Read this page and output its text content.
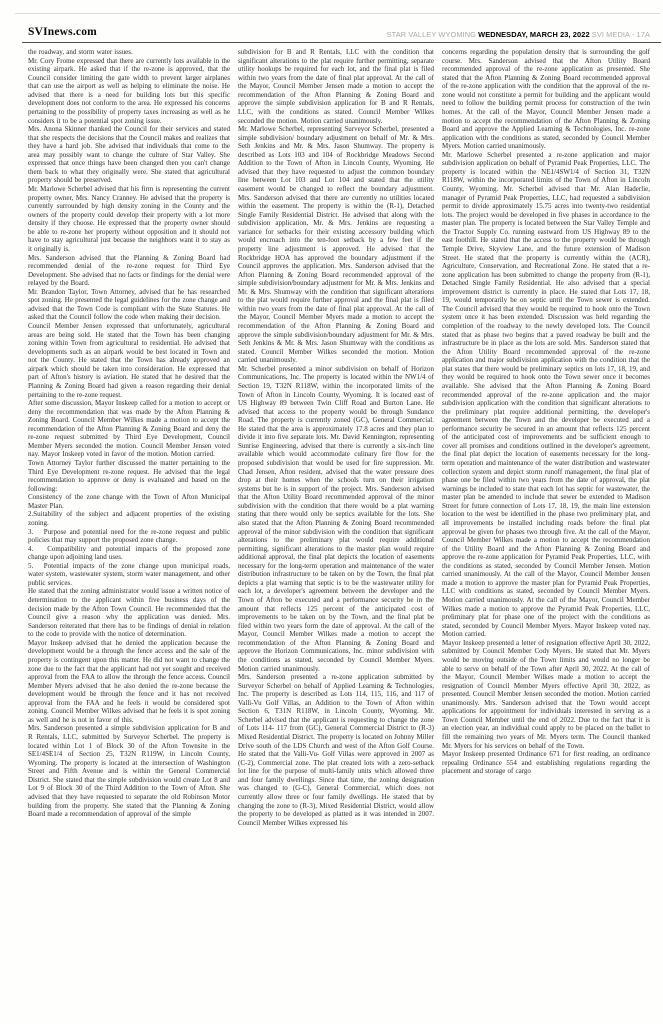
SVInews.com	STAR VALLEY WYOMING WEDNESDAY, MARCH 23, 2022 SVI MEDIA - 17A

the roadway, and storm water issues.

Mr. Cory Frome expressed that there are currently lots available in the existing airpark. He asked that if the re-zone is approved, that the Council consider limiting the gate width to prevent larger airplanes that can use the airport as well as helping to eliminate the noise. He advised that there is a need for building lots but this specific development does not conform to the area. He expressed his concerns pertaining to the possibility of property taxes increasing as well as he considers it to be a potential spot zoning issue.

Mrs. Anona Skinner thanked the Council for their services and stated that she respects the decisions that the Council makes and realizes that they have a hard job. She advised that individuals that come to the area may possibly want to change the culture of Star Valley. She expressed that once things have been changed then you can't change them back to what they originally were. She stated that agricultural property should be preserved.

Mr. Marlowe Scherbel advised that his firm is representing the current property owner, Mrs. Nancy Cranney. He advised that the property is currently surrounded by high density zoning in the County and the owners of the property could develop their property with a lot more density if they choose. He expressed that the property owner should be able to re-zone her property without opposition and it should not have to stay agricultural just because the neighbors want it to stay as it originally is.

Mrs. Sanderson advised that the Planning & Zoning Board had recommended denial of the re-zone request for Third Eye Development. She advised that no facts or findings for the denial were relayed by the Board.

Mr. Brandon Taylor, Town Attorney, advised that he has researched spot zoning. He presented the legal guidelines for the zone change and advised that the Town Code is compliant with the State Statutes. He asked that the Council follow the code when making their decision.

Council Member Jensen expressed that unfortunately, agricultural areas are being sold. He stated that the Town has been changing zoning within Town from agricultural to residential. He advised that developments such as an airpark would be best located in Town and not the County. He stated that the Town has already approved an airpark which should be taken into consideration. He expressed that part of Afton's history is aviation. He stated that he desired that the Planning & Zoning Board had given a reason regarding their denial pertaining to the re-zone request.

After some discussion, Mayor Inskeep called for a motion to accept or deny the recommendation that was made by the Afton Planning & Zoning Board. Council Member Wilkes made a motion to accept the recommendation of the Afton Planning & Zoning Board and deny the re-zone request submitted by Third Eye Development, Council Member Myers seconded the motion. Council Member Jensen voted nay. Mayor Inskeep voted in favor of the motion. Motion carried.

Town Attorney Taylor further discussed the matter pertaining to the Third Eye Development re-zone request. He advised that the legal recommendation to approve or deny is evaluated and based on the following:

Consistency of the zone change with the Town of Afton Municipal Master Plan.

2.Suitability of the subject and adjacent properties of the existing zoning.

3.  Purpose and potential need for the re-zone request and public policies that may support the proposed zone change.

4.  Compatibility and potential impacts of the proposed zone change upon adjoining land uses.

5.  Potential impacts of the zone change upon municipal roads, water system, wastewater system, storm water management, and other public services.

He stated that the zoning administrator would issue a written notice of determination to the applicant within five business days of the decision made by the Afton Town Council. He recommended that the Council give a reason why the application was denied. Mrs. Sanderson reiterated that there has to be findings of denial in relation to the code to provide with the notice of determination.

Mayor Inskeep advised that he denied the application because the development would be a through the fence access and the sale of the property is contingent upon this matter. He did not want to change the zone due to the fact that the applicant had not yet sought and received approval from the FAA to allow the through the fence access. Council Member Myers advised that he also denied the re-zone because the development would be through the fence and it has not received approval from the FAA and he feels it would be considered spot zoning. Council Member Wilkes advised that he feels it is spot zoning as well and he is not in favor of this.

Mrs. Sanderson presented a simple subdivision application for B and R Rentals, LLC, submitted by Surveyor Scherbel. The property is located within Lot 1 of Block 30 of the Afton Townsite in the SE1/4SE1/4 of Section 25, T32N R119W, in Lincoln County, Wyoming. The property is located at the intersection of Washington Street and Fifth Avenue and is within the General Commercial District. She stated that the simple subdivision would create Lot 8 and Lot 9 of Block 30 of the Third Addition to the Town of Afton. She advised that they have requested to separate the old Robinson Motor building from the property. She stated that the Planning & Zoning Board made a recommendation of approval of the simple

subdivision for B and R Rentals, LLC with the condition that significant alterations to the plat require further permitting, separate utility hookups be required for each lot, and the final plat is filed within two years from the date of final plat approval. At the call of the Mayor, Council Member Jensen made a motion to accept the recommendation of the Afton Planning & Zoning Board and approve the simple subdivision application for B and R Rentals, LLC, with the conditions as stated. Council Member Wilkes seconded the motion. Motion carried unanimously.

Mr. Marlowe Scherbel, representing Surveyor Scherbel, presented a simple subdivision/ boundary adjustment on behalf of Mr. & Mrs. Seth Jenkins and Mr. & Mrs. Jason Shumway. The property is described as Lots 103 and 104 of Rockbridge Meadows Second Addition to the Town of Afton in Lincoln County, Wyoming. He advised that they have requested to adjust the common boundary line between Lot 103 and Lot 104 and stated that the utility easement would be changed to reflect the boundary adjustment. Mrs. Sanderson advised that there are currently no utilities located within the easement. The property is within the (R-1), Detached Single Family Residential District. He advised that along with the subdivision application, Mr. & Mrs. Jenkins are requesting a variance for setbacks for their existing accessory building which would encroach into the ten-foot setback by a few feet if the property line adjustment is approved. He advised that the Rockbridge HOA has approved the boundary adjustment if the Council approves the application. Mrs. Sanderson advised that the Afton Planning & Zoning Board recommended approval of the simple subdivision/boundary adjustment for Mr. & Mrs. Jenkins and Mr. & Mrs. Shumway with the condition that significant alterations to the plat would require further approval and the final plat is filed within two years from the date of final plat approval. At the call of the Mayor, Council Member Myers made a motion to accept the recommendation of the Afton Planning & Zoning Board and approve the simple subdivision/boundary adjustment for Mr. & Mrs. Seth Jenkins & Mr. & Mrs. Jason Shumway with the conditions as stated. Council Member Wilkes seconded the motion. Motion carried unanimously.

Mr. Scherbel presented a minor subdivision on behalf of Horizon Communications, Inc. The property is located within the NW1/4 of Section 19, T32N R118W, within the incorporated limits of the Town of Afton in Lincoln County, Wyoming. It is located east of US Highway 89 between Twin Cliff Road and Burton Lane. He advised that access to the property would be through Sundance Road. The property is currently zoned (GC), General Commercial. He stated that the area is approximately 17.8 acres and they plan to divide it into five separate lots. Mr. David Kennington, representing Sunrise Engineering, advised that there is currently a six-inch line available which would accommodate culinary fire flow for the proposed subdivision that would be used for fire suppression. Mr. Chad Jensen, Afton resident, advised that the water pressure does drop at their homes when the schools turn on their irrigation systems but he is in support of the project. Mrs. Sanderson advised that the Afton Utility Board recommended approval of the minor subdivision with the condition that there would be a plat warning stating that there would only be septics available for the lots. She also stated that the Afton Planning & Zoning Board recommended approval of the minor subdivision with the condition that significant alterations to the preliminary plat would require additional permitting, significant alterations to the master plan would require additional approval, the final plat depicts the location of easements necessary for the long-term operation and maintenance of the water distribution infrastructure to be taken on by the Town, the final plat depicts a plat warning that septic is to be the wastewater utility for each lot, a developer's agreement between the developer and the Town of Afton be executed and a performance security be in the amount that reflects 125 percent of the anticipated cost of improvements to be taken on by the Town, and the final plat be filed within two years form the date of approval. At the call of the Mayor, Council Member Wilkes made a motion to accept the recommendation of the Afton Planning & Zoning Board and approve the Horizon Communications, Inc. minor subdivision with the conditions as stated, seconded by Council Member Myers. Motion carried unanimously.

Mrs. Sanderson presented a re-zone application submitted by Surveyor Scherbel on behalf of Applied Learning & Technologies, Inc. The property is described as Lots 114, 115, 116, and 117 of Valli-Vu Golf Villas, an Addition to the Town of Afton within Section 6, T31N R118W, in Lincoln County, Wyoming. Mr. Scherbel advised that the applicant is requesting to change the zone of Lots 114- 117 from (GC), General Commercial District to (R-3) Mixed Residential District. The property is located on Johnny Miller Drive south of the LDS Church and west of the Afton Golf Course. He stated that the Valli-Vu- Golf Villas were approved in 2007 as (C-2), Commercial zone. The plat created lots with a zero-setback lot line for the purpose of multi-family units which allowed three and four family dwellings. Since that time, the zoning designation was changed to (G-C), General Commercial, which does not currently allow three or four family dwellings. He stated that by changing the zone to (R-3), Mixed Residential District, would allow the property to be developed as platted as it was intended in 2007. Council Member Wilkes expressed his

concerns regarding the population density that is surrounding the golf course. Mrs. Sanderson advised that the Afton Utility Board recommended approval of the re-zone application as presented. She stated that the Afton Planning & Zoning Board recommended approval of the re-zone application with the condition that the approval of the re-zone would not constitute a permit for building and the applicant would need to follow the building permit process for construction of the twin homes. At the call of the Mayor, Council Member Jensen made a motion to accept the recommendation of the Afton Planning & Zoning Board and approve the Applied Learning & Technologies, Inc. re-zone application with the conditions as stated, seconded by Council Member Myers. Motion carried unanimously.

Mr. Marlowe Scherbel presented a re-zone application and major subdivision application on behalf of Pyramid Peak Properties, LLC. The property is located within the NE1/4SW1/4 of Section 31, T32N R118W, within the incorporated limits of the Town of Afton in Lincoln County, Wyoming. Mr. Scherbel advised that Mr. Alan Haderlie, manager of Pyramid Peak Properties, LLC, had requested a subdivision permit to divide approximately 15.75 acres into twenty-two residential lots. The project would be developed in five phases in accordance to the master plan. The property is located between the Star Valley Temple and the Tractor Supply Co. running eastward from US Highway 89 to the east foothill. He stated that the access to the property would be through Temple Drive, Skyview Lane, and the future extension of Madison Street. He stated that the property is currently within the (ACR), Agriculture, Conservation, and Recreational Zone. He stated that a re-zone application has been submitted to change the property from (R-1), Detached Single Family Residential. He also advised that a special improvement district is currently in place. He stated that Lots 17, 18, 19, would temporarily be on septic until the Town sewer is extended. The Council advised that they would be required to hook onto the Town system once it has been extended. Discussion was held regarding the completion of the roadway to the newly developed lots. The Council stated that as phase two begins that a paved roadway be built and the infrastructure be in place as the lots are sold. Mrs. Sanderson stated that the Afton Utility Board recommended approval of the re-zone application and major subdivision application with the condition that the plat states that there would be preliminary septics on lots 17, 18, 19, and they would be required to hook onto the Town sewer once it becomes available. She advised that the Afton Planning & Zoning Board recommended approval of the re-zone application and the major subdivision application with the condition that significant alterations to the preliminary plat require additional permitting, the developer's agreement between the Town and the developer be executed and a performance security be secured in an amount that reflects 125 percent of the anticipated cost of improvements and be sufficient enough to cover all promises and conditions outlined in the developer's agreement, the final plat depict the location of easements necessary for the long-term operation and maintenance of the water distribution and wastewater collection system and depict storm runoff management, the final plat of phase one be filed within two years from the date of approval, the plat warnings be included to state that each lot has septic for wastewater, the master plan be amended to include that sewer be extended to Madison Street for future connection of Lots 17, 18, 19, the main line extension location to the west be identified in the phase two preliminary plat, and all improvements be installed including roads before the final plat approval be given for phases two through five. At the call of the Mayor, Council Member Wilkes made a motion to accept the recommendation of the Utility Board and the Afton Planning & Zoning Board and approve the re-zone application for Pyramid Peak Properties, LLC, with the conditions as stated, seconded by Council Member Jensen. Motion carried unanimously. At the call of the Mayor, Council Member Jensen made a motion to approve the master plan for Pyramid Peak Properties, LLC with conditions as stated, seconded by Council Member Myers. Motion carried unanimously. At the call of the Mayor, Council Member Wilkes made a motion to approve the Pyramid Peak Properties, LLC, preliminary plat for phase one of the project with the conditions as stated, seconded by Council Member Myers. Mayor Inskeep voted nay. Motion carried.

Mayor Inskeep presented a letter of resignation effective April 30, 2022, submitted by Council Member Cody Myers. He stated that Mr. Myers would be moving outside of the Town limits and would no longer be able to serve on behalf of the Town after April 30, 2022. At the call of the Mayor, Council Member Wilkes made a motion to accept the resignation of Council Member Myers effective April 30, 2022, as presented. Council Member Jensen seconded the motion. Motion carried unanimously. Mrs. Sanderson advised that the Town would accept applications for appointment for individuals interested in serving as a Town Council Member until the end of 2022. Due to the fact that it is an election year, an individual could apply to be placed on the ballet to fill the remaining two years of Mr. Myers term. The Council thanked Mr. Myers for his services on behalf of the Town.

Mayor Inskeep presented Ordinance 671 for first reading, an ordinance repealing Ordinance 554 and establishing regulations regarding the placement and storage of cargo
